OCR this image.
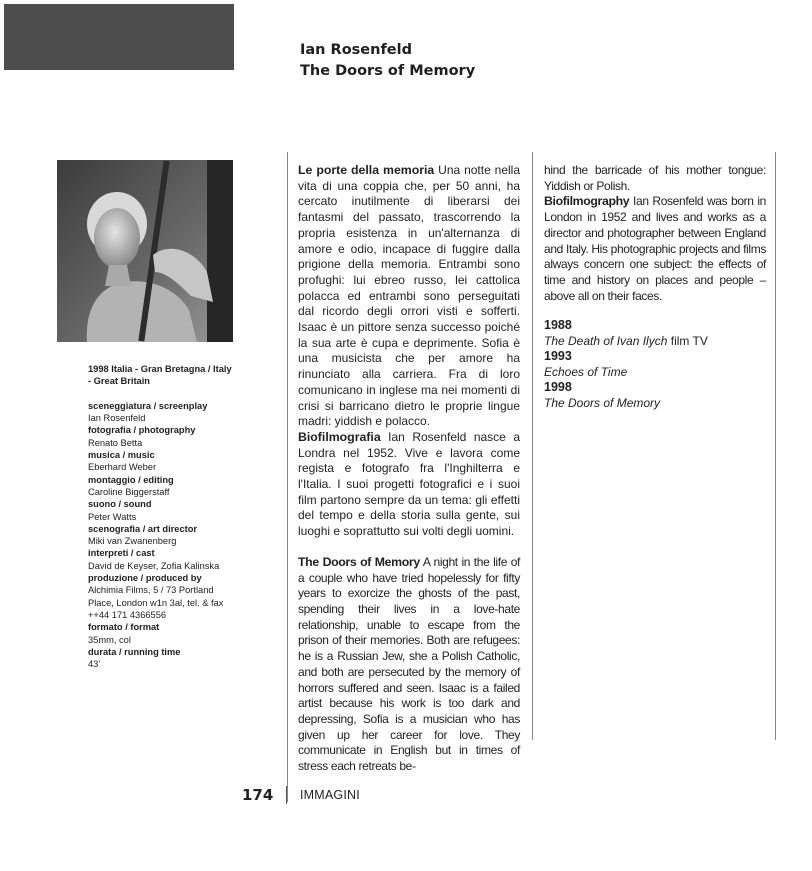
Ian Rosenfeld
The Doors of Memory
1998 Italia - Gran Bretagna / Italy - Great Britain
sceneggiatura / screenplay
Ian Rosenfeld
fotografia / photography
Renato Betta
musica / music
Eberhard Weber
montaggio / editing
Caroline Biggerstaff
suono / sound
Peter Watts
scenografia / art director
Miki van Zwanenberg
interpreti / cast
David de Keyser, Zofia Kalinska
produzione / produced by
Alchimia Films, 5 / 73 Portland Place, London w1n 3al, tel. & fax ++44 171 4366556
formato / format
35mm, col
durata / running time
43'

Le porte della memoria Una notte nella vita di una coppia che, per 50 anni, ha cercato inutilmente di liberarsi dei fantasmi del passato, trascorrendo la propria esistenza in un'alternanza di amore e odio, incapace di fuggire dalla prigione della memoria. Entrambi sono profughi: lui ebreo russo, lei cattolica polacca ed entrambi sono perseguitati dal ricordo degli orrori visti e sofferti. Isaac è un pittore senza successo poiché la sua arte è cupa e deprimente. Sofia è una musicista che per amore ha rinunciato alla carriera. Fra di loro comunicano in inglese ma nei momenti di crisi si barricano dietro le proprie lingue madri: yiddish e polacco.

Biofilmografia Ian Rosenfeld nasce a Londra nel 1952. Vive e lavora come regista e fotografo fra l'Inghilterra e l'Italia. I suoi progetti fotografici e i suoi film partono sempre da un tema: gli effetti del tempo e della storia sulla gente, sui luoghi e soprattutto sui volti degli uomini.

The Doors of Memory A night in the life of a couple who have tried hopelessly for fifty years to exorcize the ghosts of the past, spending their lives in a love-hate relationship, unable to escape from the prison of their memories. Both are refugees: he is a Russian Jew, she a Polish Catholic, and both are persecuted by the memory of horrors suffered and seen. Isaac is a failed artist because his work is too dark and depressing, Sofia is a musician who has given up her career for love. They communicate in English but in times of stress each retreats be-

hind the barricade of his mother tongue: Yiddish or Polish.

Biofilmography Ian Rosenfeld was born in London in 1952 and lives and works as a director and photographer between England and Italy. His photographic projects and films always concern one subject: the effects of time and history on places and people – above all on their faces.

1988
The Death of Ivan Ilych film TV
1993
Echoes of Time
1998
The Doors of Memory
174 IMMAGINI
